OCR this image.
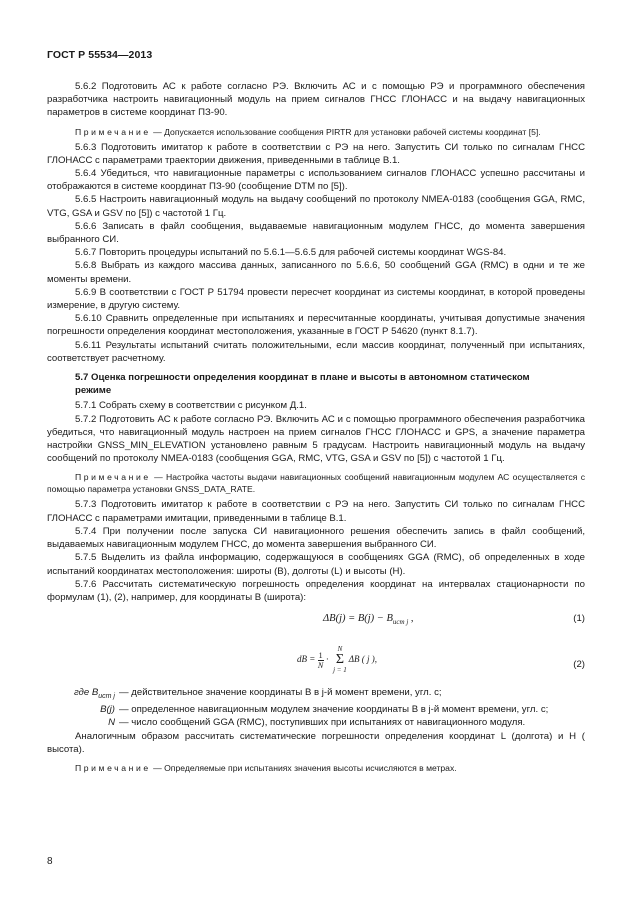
ГОСТ Р 55534—2013

5.6.2 Подготовить АС к работе согласно РЭ. Включить АС и с помощью РЭ и программного обеспечения разработчика настроить навигационный модуль на прием сигналов ГНСС ГЛОНАСС и на выдачу навигационных параметров в системе координат ПЗ-90.

Примечание — Допускается использование сообщения PIRTR для установки рабочей системы координат [5].

5.6.3 Подготовить имитатор к работе в соответствии с РЭ на него. Запустить СИ только по сигналам ГНСС ГЛОНАСС с параметрами траектории движения, приведенными в таблице В.1.

5.6.4 Убедиться, что навигационные параметры с использованием сигналов ГЛОНАСС успешно рассчитаны и отображаются в системе координат ПЗ-90 (сообщение DTM по [5]).

5.6.5 Настроить навигационный модуль на выдачу сообщений по протоколу NMEA-0183 (сообщения GGA, RMC, VTG, GSA и GSV по [5]) с частотой 1 Гц.

5.6.6 Записать в файл сообщения, выдаваемые навигационным модулем ГНСС, до момента завершения выбранного СИ.

5.6.7 Повторить процедуры испытаний по 5.6.1—5.6.5 для рабочей системы координат WGS-84.

5.6.8 Выбрать из каждого массива данных, записанного по 5.6.6, 50 сообщений GGA (RMC) в одни и те же моменты времени.

5.6.9 В соответствии с ГОСТ Р 51794 провести пересчет координат из системы координат, в которой проведены измерение, в другую систему.

5.6.10 Сравнить определенные при испытаниях и пересчитанные координаты, учитывая допустимые значения погрешности определения координат местоположения, указанные в ГОСТ Р 54620 (пункт 8.1.7).

5.6.11 Результаты испытаний считать положительными, если массив координат, полученный при испытаниях, соответствует расчетному.

5.7 Оценка погрешности определения координат в плане и высоты в автономном статическом режиме

5.7.1 Собрать схему в соответствии с рисунком Д.1.

5.7.2 Подготовить АС к работе согласно РЭ. Включить АС и с помощью программного обеспечения разработчика убедиться, что навигационный модуль настроен на прием сигналов ГНСС ГЛОНАСС и GPS, а значение параметра настройки GNSS_MIN_ELEVATION установлено равным 5 градусам. Настроить навигационный модуль на выдачу сообщений по протоколу NMEA-0183 (сообщения GGA, RMC, VTG, GSA и GSV по [5]) с частотой 1 Гц.

Примечание — Настройка частоты выдачи навигационных сообщений навигационным модулем АС осуществляется с помощью параметра установки GNSS_DATA_RATE.

5.7.3 Подготовить имитатор к работе в соответствии с РЭ на него. Запустить СИ только по сигналам ГНСС ГЛОНАСС с параметрами имитации, приведенными в таблице В.1.

5.7.4 При получении после запуска СИ навигационного решения обеспечить запись в файл сообщений, выдаваемых навигационным модулем ГНСС, до момента завершения выбранного СИ.

5.7.5 Выделить из файла информацию, содержащуюся в сообщениях GGA (RMC), об определенных в ходе испытаний координатах местоположения: широты (B), долготы (L) и высоты (H).

5.7.6 Рассчитать систематическую погрешность определения координат на интервалах стационарности по формулам (1), (2), например, для координаты B (широта):

$\Delta B(j) = B(j) - B_{ист j}$ ,	(1)
dB = $\frac{1}{N}$ ·
N
Σ
j = 1
ΔB ( j ),	(2)
где $B_{ист j}$ — действительное значение координаты B в j-й момент времени, угл. с;
B(j) — определенное навигационным модулем значение координаты B в j-й момент времени, угл. с;
N — число сообщений GGA (RMC), поступивших при испытаниях от навигационного модуля.

Аналогичным образом рассчитать систематические погрешности определения координат L (долгота) и H ( высота).

Примечание — Определяемые при испытаниях значения высоты исчисляются в метрах.

8
